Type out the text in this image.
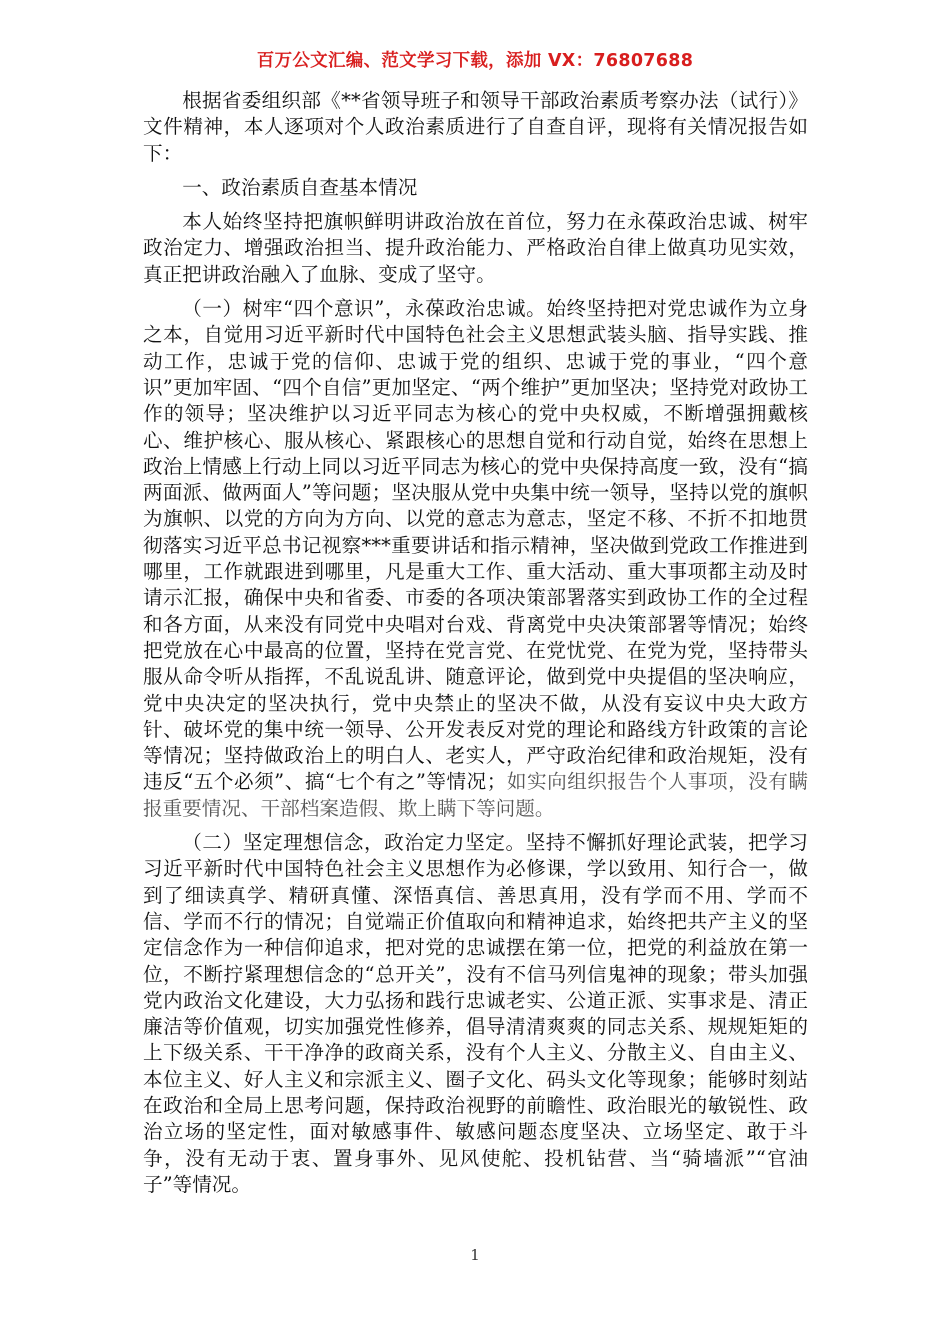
百万公文汇编、范文学习下载，添加 VX：76807688

根据省委组织部《**省领导班子和领导干部政治素质考察办法（试行）》文件精神，本人逐项对个人政治素质进行了自查自评，现将有关情况报告如下：

一、政治素质自查基本情况

本人始终坚持把旗帜鲜明讲政治放在首位，努力在永葆政治忠诚、树牢政治定力、增强政治担当、提升政治能力、严格政治自律上做真功见实效，真正把讲政治融入了血脉、变成了坚守。

（一）树牢“四个意识”，永葆政治忠诚。始终坚持把对党忠诚作为立身之本，自觉用习近平新时代中国特色社会主义思想武装头脑、指导实践、推动工作，忠诚于党的信仰、忠诚于党的组织、忠诚于党的事业，“四个意识”更加牢固、“四个自信”更加坚定、“两个维护”更加坚决；坚持党对政协工作的领导；坚决维护以习近平同志为核心的党中央权威，不断增强拥戴核心、维护核心、服从核心、紧跟核心的思想自觉和行动自觉，始终在思想上政治上情感上行动上同以习近平同志为核心的党中央保持高度一致，没有“搞两面派、做两面人”等问题；坚决服从党中央集中统一领导，坚持以党的旗帜为旗帜、以党的方向为方向、以党的意志为意志，坚定不移、不折不扣地贯彻落实习近平总书记视察***重要讲话和指示精神，坚决做到党政工作推进到哪里，工作就跟进到哪里，凡是重大工作、重大活动、重大事项都主动及时请示汇报，确保中央和省委、市委的各项决策部署落实到政协工作的全过程和各方面，从来没有同党中央唱对台戏、背离党中央决策部署等情况；始终把党放在心中最高的位置，坚持在党言党、在党忧党、在党为党，坚持带头服从命令听从指挥，不乱说乱讲、随意评论，做到党中央提倡的坚决响应，党中央决定的坚决执行，党中央禁止的坚决不做，从没有妄议中央大政方针、破坏党的集中统一领导、公开发表反对党的理论和路线方针政策的言论等情况；坚持做政治上的明白人、老实人，严守政治纪律和政治规矩，没有违反“五个必须”、搞“七个有之”等情况；如实向组织报告个人事项，没有瞒报重要情况、干部档案造假、欺上瞒下等问题。

（二）坚定理想信念，政治定力坚定。坚持不懈抓好理论武装，把学习习近平新时代中国特色社会主义思想作为必修课，学以致用、知行合一，做到了细读真学、精研真懂、深悟真信、善思真用，没有学而不用、学而不信、学而不行的情况；自觉端正价值取向和精神追求，始终把共产主义的坚定信念作为一种信仰追求，把对党的忠诚摆在第一位，把党的利益放在第一位，不断拧紧理想信念的“总开关”，没有不信马列信鬼神的现象；带头加强党内政治文化建设，大力弘扬和践行忠诚老实、公道正派、实事求是、清正廉洁等价值观，切实加强党性修养，倡导清清爽爽的同志关系、规规矩矩的上下级关系、干干净净的政商关系，没有个人主义、分散主义、自由主义、本位主义、好人主义和宗派主义、圈子文化、码头文化等现象；能够时刻站在政治和全局上思考问题，保持政治视野的前瞻性、政治眼光的敏锐性、政治立场的坚定性，面对敏感事件、敏感问题态度坚决、立场坚定、敢于斗争，没有无动于衷、置身事外、见风使舵、投机钻营、当“骑墙派”“官油子”等情况。

1
